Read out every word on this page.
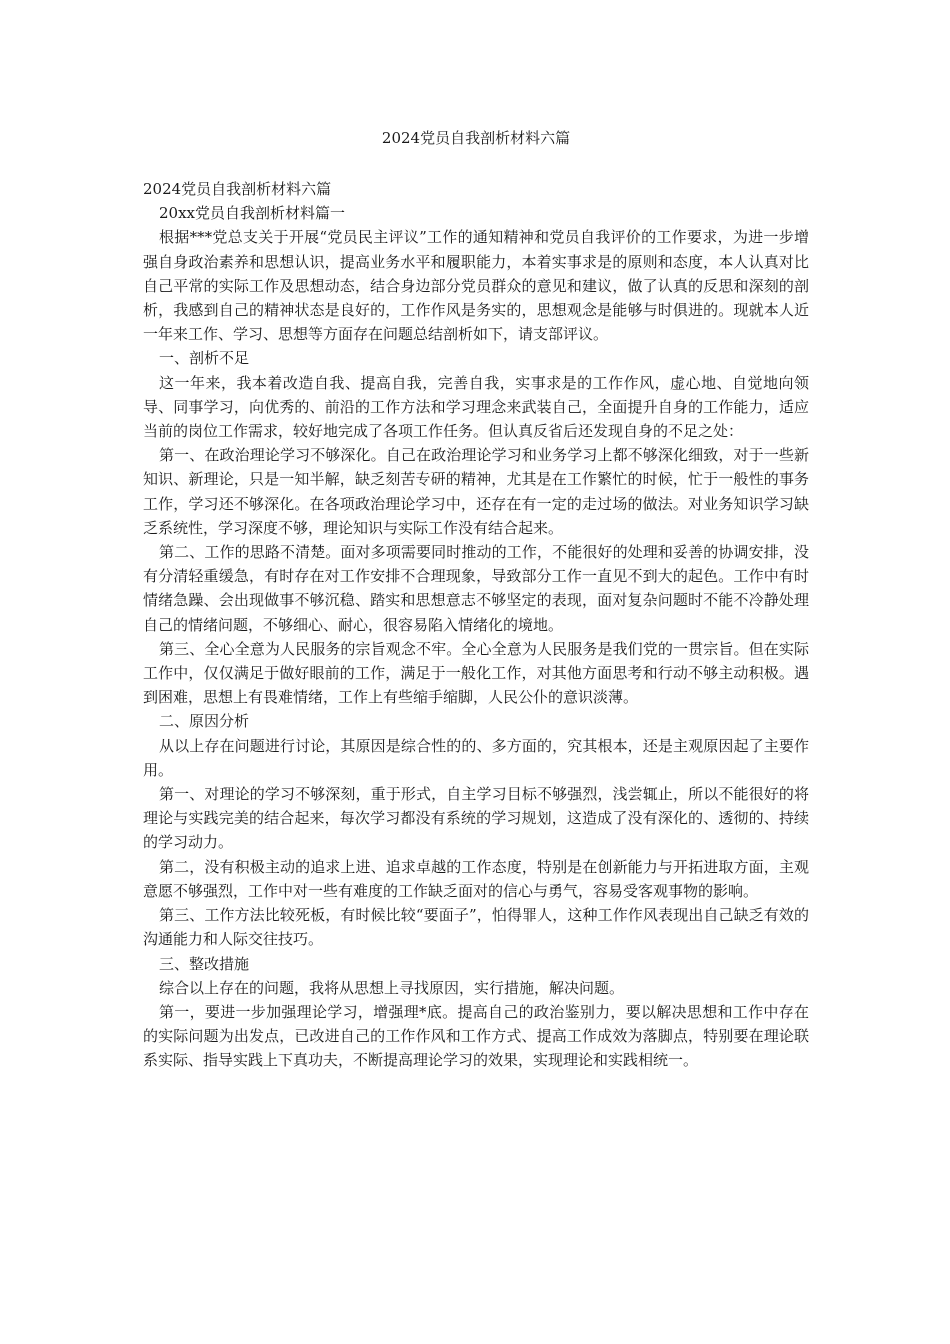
2024党员自我剖析材料六篇

2024党员自我剖析材料六篇

20xx党员自我剖析材料篇一

根据***党总支关于开展“党员民主评议”工作的通知精神和党员自我评价的工作要求，为进一步增强自身政治素养和思想认识，提高业务水平和履职能力，本着实事求是的原则和态度，本人认真对比自己平常的实际工作及思想动态，结合身边部分党员群众的意见和建议，做了认真的反思和深刻的剖析，我感到自己的精神状态是良好的，工作作风是务实的，思想观念是能够与时俱进的。现就本人近一年来工作、学习、思想等方面存在问题总结剖析如下，请支部评议。

一、剖析不足

这一年来，我本着改造自我、提高自我，完善自我，实事求是的工作作风，虚心地、自觉地向领导、同事学习，向优秀的、前沿的工作方法和学习理念来武装自己，全面提升自身的工作能力，适应当前的岗位工作需求，较好地完成了各项工作任务。但认真反省后还发现自身的不足之处：

第一、在政治理论学习不够深化。自己在政治理论学习和业务学习上都不够深化细致，对于一些新知识、新理论，只是一知半解，缺乏刻苦专研的精神，尤其是在工作繁忙的时候，忙于一般性的事务工作，学习还不够深化。在各项政治理论学习中，还存在有一定的走过场的做法。对业务知识学习缺乏系统性，学习深度不够，理论知识与实际工作没有结合起来。

第二、工作的思路不清楚。面对多项需要同时推动的工作，不能很好的处理和妥善的协调安排，没有分清轻重缓急，有时存在对工作安排不合理现象，导致部分工作一直见不到大的起色。工作中有时情绪急躁、会出现做事不够沉稳、踏实和思想意志不够坚定的表现，面对复杂问题时不能不冷静处理自己的情绪问题，不够细心、耐心，很容易陷入情绪化的境地。

第三、全心全意为人民服务的宗旨观念不牢。全心全意为人民服务是我们党的一贯宗旨。但在实际工作中，仅仅满足于做好眼前的工作，满足于一般化工作，对其他方面思考和行动不够主动积极。遇到困难，思想上有畏难情绪，工作上有些缩手缩脚，人民公仆的意识淡薄。

二、原因分析

从以上存在问题进行讨论，其原因是综合性的的、多方面的，究其根本，还是主观原因起了主要作用。

第一、对理论的学习不够深刻，重于形式，自主学习目标不够强烈，浅尝辄止，所以不能很好的将理论与实践完美的结合起来，每次学习都没有系统的学习规划，这造成了没有深化的、透彻的、持续的学习动力。

第二，没有积极主动的追求上进、追求卓越的工作态度，特别是在创新能力与开拓进取方面，主观意愿不够强烈，工作中对一些有难度的工作缺乏面对的信心与勇气，容易受客观事物的影响。

第三、工作方法比较死板，有时候比较“要面子”，怕得罪人，这种工作作风表现出自己缺乏有效的沟通能力和人际交往技巧。

三、整改措施

综合以上存在的问题，我将从思想上寻找原因，实行措施，解决问题。

第一，要进一步加强理论学习，增强理*底。提高自己的政治鉴别力，要以解决思想和工作中存在的实际问题为出发点，已改进自己的工作作风和工作方式、提高工作成效为落脚点，特别要在理论联系实际、指导实践上下真功夫，不断提高理论学习的效果，实现理论和实践相统一。
